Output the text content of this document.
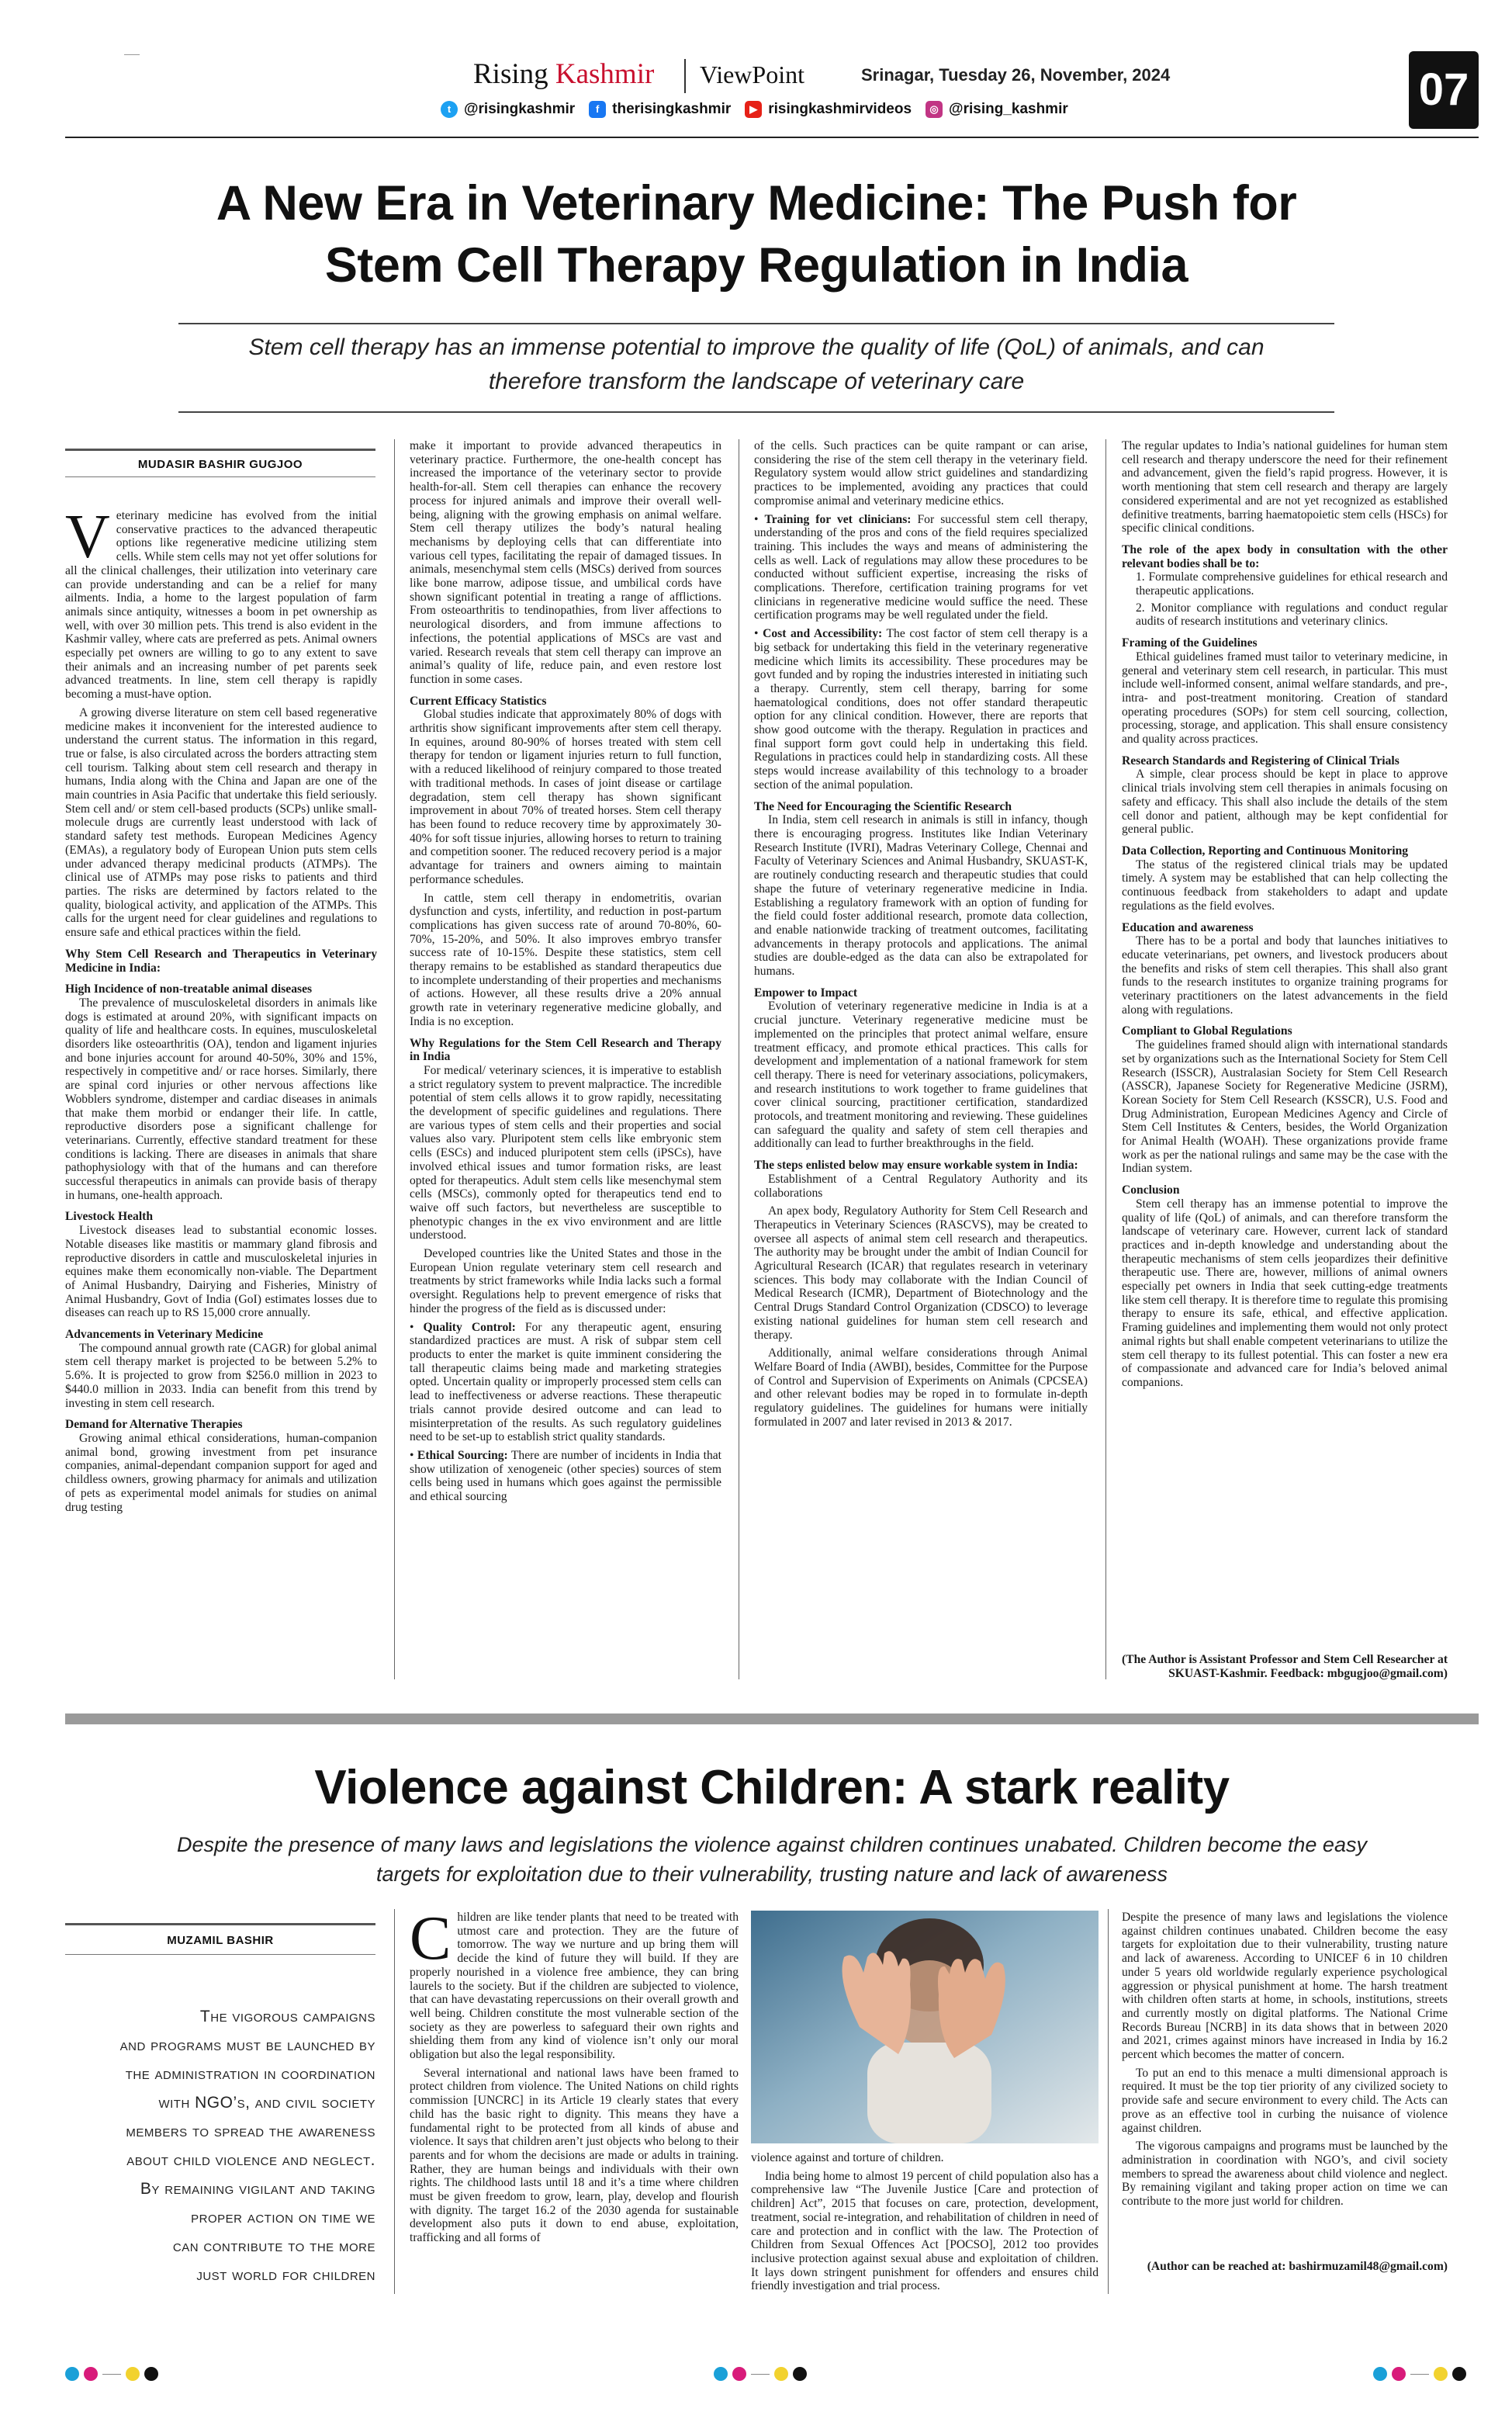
Rising Kashmir ViewPoint	Srinagar, Tuesday 26, November, 2024	07
t @risingkashmir	f therisingkashmir	▶ risingkashmirvideos	◎ @rising_kashmir
A New Era in Veterinary Medicine: The Push for
Stem Cell Therapy Regulation in India
Stem cell therapy has an immense potential to improve the quality of life (QoL) of animals, and can
therefore transform the landscape of veterinary care
MUDASIR BASHIR GUGJOO

Veterinary medicine has evolved from the initial conservative practices to the advanced therapeutic options like regenerative medicine utilizing stem cells. While stem cells may not yet offer solutions for all the clinical challenges, their utilization into veterinary care can provide understanding and can be a relief for many ailments. India, a home to the largest population of farm animals since antiquity, witnesses a boom in pet ownership as well, with over 30 million pets. This trend is also evident in the Kashmir valley, where cats are preferred as pets. Animal owners especially pet owners are willing to go to any extent to save their animals and an increasing number of pet parents seek advanced treatments. In line, stem cell therapy is rapidly becoming a must-have option.

A growing diverse literature on stem cell based regenerative medicine makes it inconvenient for the interested audience to understand the current status. The information in this regard, true or false, is also circulated across the borders attracting stem cell tourism. Talking about stem cell research and therapy in humans, India along with the China and Japan are one of the main countries in Asia Pacific that undertake this field seriously. Stem cell and/ or stem cell-based products (SCPs) unlike small-molecule drugs are currently least understood with lack of standard safety test methods. European Medicines Agency (EMAs), a regulatory body of European Union puts stem cells under advanced therapy medicinal products (ATMPs). The clinical use of ATMPs may pose risks to patients and third parties. The risks are determined by factors related to the quality, biological activity, and application of the ATMPs. This calls for the urgent need for clear guidelines and regulations to ensure safe and ethical practices within the field.

Why Stem Cell Research and Therapeutics in Veterinary Medicine in India:
High Incidence of non-treatable animal diseases

The prevalence of musculoskeletal disorders in animals like dogs is estimated at around 20%, with significant impacts on quality of life and healthcare costs. In equines, musculoskeletal disorders like osteoarthritis (OA), tendon and ligament injuries and bone injuries account for around 40-50%, 30% and 15%, respectively in competitive and/ or race horses. Similarly, there are spinal cord injuries or other nervous affections like Wobblers syndrome, distemper and cardiac diseases in animals that make them morbid or endanger their life. In cattle, reproductive disorders pose a significant challenge for veterinarians. Currently, effective standard treatment for these conditions is lacking. There are diseases in animals that share pathophysiology with that of the humans and can therefore successful therapeutics in animals can provide basis of therapy in humans, one-health approach.

Livestock Health

Livestock diseases lead to substantial economic losses. Notable diseases like mastitis or mammary gland fibrosis and reproductive disorders in cattle and musculoskeletal injuries in equines make them economically non-viable. The Department of Animal Husbandry, Dairying and Fisheries, Ministry of Animal Husbandry, Govt of India (GoI) estimates losses due to diseases can reach up to RS 15,000 crore annually.

Advancements in Veterinary Medicine

The compound annual growth rate (CAGR) for global animal stem cell therapy market is projected to be between 5.2% to 5.6%. It is projected to grow from $256.0 million in 2023 to $440.0 million in 2033. India can benefit from this trend by investing in stem cell research.

Demand for Alternative Therapies

Growing animal ethical considerations, human-companion animal bond, growing investment from pet insurance companies, animal-dependant companion support for aged and childless owners, growing pharmacy for animals and utilization of pets as experimental model animals for studies on animal drug testing

make it important to provide advanced therapeutics in veterinary practice. Furthermore, the one-health concept has increased the importance of the veterinary sector to provide health-for-all. Stem cell therapies can enhance the recovery process for injured animals and improve their overall well-being, aligning with the growing emphasis on animal welfare. Stem cell therapy utilizes the body’s natural healing mechanisms by deploying cells that can differentiate into various cell types, facilitating the repair of damaged tissues. In animals, mesenchymal stem cells (MSCs) derived from sources like bone marrow, adipose tissue, and umbilical cords have shown significant potential in treating a range of afflictions. From osteoarthritis to tendinopathies, from liver affections to neurological disorders, and from immune affections to infections, the potential applications of MSCs are vast and varied. Research reveals that stem cell therapy can improve an animal’s quality of life, reduce pain, and even restore lost function in some cases.

Current Efficacy Statistics

Global studies indicate that approximately 80% of dogs with arthritis show significant improvements after stem cell therapy. In equines, around 80-90% of horses treated with stem cell therapy for tendon or ligament injuries return to full function, with a reduced likelihood of reinjury compared to those treated with traditional methods. In cases of joint disease or cartilage degradation, stem cell therapy has shown significant improvement in about 70% of treated horses. Stem cell therapy has been found to reduce recovery time by approximately 30-40% for soft tissue injuries, allowing horses to return to training and competition sooner. The reduced recovery period is a major advantage for trainers and owners aiming to maintain performance schedules.

In cattle, stem cell therapy in endometritis, ovarian dysfunction and cysts, infertility, and reduction in post-partum complications has given success rate of around 70-80%, 60-70%, 15-20%, and 50%. It also improves embryo transfer success rate of 10-15%. Despite these statistics, stem cell therapy remains to be established as standard therapeutics due to incomplete understanding of their properties and mechanisms of actions. However, all these results drive a 20% annual growth rate in veterinary regenerative medicine globally, and India is no exception.

Why Regulations for the Stem Cell Research and Therapy in India

For medical/ veterinary sciences, it is imperative to establish a strict regulatory system to prevent malpractice. The incredible potential of stem cells allows it to grow rapidly, necessitating the development of specific guidelines and regulations. There are various types of stem cells and their properties and social values also vary. Pluripotent stem cells like embryonic stem cells (ESCs) and induced pluripotent stem cells (iPSCs), have involved ethical issues and tumor formation risks, are least opted for therapeutics. Adult stem cells like mesenchymal stem cells (MSCs), commonly opted for therapeutics tend end to waive off such factors, but nevertheless are susceptible to phenotypic changes in the ex vivo environment and are little understood.

Developed countries like the United States and those in the European Union regulate veterinary stem cell research and treatments by strict frameworks while India lacks such a formal oversight. Regulations help to prevent emergence of risks that hinder the progress of the field as is discussed under:

• Quality Control: For any therapeutic agent, ensuring standardized practices are must. A risk of subpar stem cell products to enter the market is quite imminent considering the tall therapeutic claims being made and marketing strategies opted. Uncertain quality or improperly processed stem cells can lead to ineffectiveness or adverse reactions. These therapeutic trials cannot provide desired outcome and can lead to misinterpretation of the results. As such regulatory guidelines need to be set-up to establish strict quality standards.

• Ethical Sourcing: There are number of incidents in India that show utilization of xenogeneic (other species) sources of stem cells being used in humans which goes against the permissible and ethical sourcing

of the cells. Such practices can be quite rampant or can arise, considering the rise of the stem cell therapy in the veterinary field. Regulatory system would allow strict guidelines and standardizing practices to be implemented, avoiding any practices that could compromise animal and veterinary medicine ethics.

• Training for vet clinicians: For successful stem cell therapy, understanding of the pros and cons of the field requires specialized training. This includes the ways and means of administering the cells as well. Lack of regulations may allow these procedures to be conducted without sufficient expertise, increasing the risks of complications. Therefore, certification training programs for vet clinicians in regenerative medicine would suffice the need. These certification programs may be well regulated under the field.

• Cost and Accessibility: The cost factor of stem cell therapy is a big setback for undertaking this field in the veterinary regenerative medicine which limits its accessibility. These procedures may be govt funded and by roping the industries interested in initiating such a therapy. Currently, stem cell therapy, barring for some haematological conditions, does not offer standard therapeutic option for any clinical condition. However, there are reports that show good outcome with the therapy. Regulation in practices and final support form govt could help in undertaking this field. Regulations in practices could help in standardizing costs. All these steps would increase availability of this technology to a broader section of the animal population.

The Need for Encouraging the Scientific Research

In India, stem cell research in animals is still in infancy, though there is encouraging progress. Institutes like Indian Veterinary Research Institute (IVRI), Madras Veterinary College, Chennai and Faculty of Veterinary Sciences and Animal Husbandry, SKUAST-K, are routinely conducting research and therapeutic studies that could shape the future of veterinary regenerative medicine in India. Establishing a regulatory framework with an option of funding for the field could foster additional research, promote data collection, and enable nationwide tracking of treatment outcomes, facilitating advancements in therapy protocols and applications. The animal studies are double-edged as the data can also be extrapolated for humans.

Empower to Impact

Evolution of veterinary regenerative medicine in India is at a crucial juncture. Veterinary regenerative medicine must be implemented on the principles that protect animal welfare, ensure treatment efficacy, and promote ethical practices. This calls for development and implementation of a national framework for stem cell therapy. There is need for veterinary associations, policymakers, and research institutions to work together to frame guidelines that cover clinical sourcing, practitioner certification, standardized protocols, and treatment monitoring and reviewing. These guidelines can safeguard the quality and safety of stem cell therapies and additionally can lead to further breakthroughs in the field.

The steps enlisted below may ensure workable system in India:

Establishment of a Central Regulatory Authority and its collaborations

An apex body, Regulatory Authority for Stem Cell Research and Therapeutics in Veterinary Sciences (RASCVS), may be created to oversee all aspects of animal stem cell research and therapeutics. The authority may be brought under the ambit of Indian Council for Agricultural Research (ICAR) that regulates research in veterinary sciences. This body may collaborate with the Indian Council of Medical Research (ICMR), Department of Biotechnology and the Central Drugs Standard Control Organization (CDSCO) to leverage existing national guidelines for human stem cell research and therapy.

Additionally, animal welfare considerations through Animal Welfare Board of India (AWBI), besides, Committee for the Purpose of Control and Supervision of Experiments on Animals (CPCSEA) and other relevant bodies may be roped in to formulate in-depth regulatory guidelines. The guidelines for humans were initially formulated in 2007 and later revised in 2013 & 2017.

The regular updates to India’s national guidelines for human stem cell research and therapy underscore the need for their refinement and advancement, given the field’s rapid progress. However, it is worth mentioning that stem cell research and therapy are largely considered experimental and are not yet recognized as established definitive treatments, barring haematopoietic stem cells (HSCs) for specific clinical conditions.

The role of the apex body in consultation with the other relevant bodies shall be to:

1. Formulate comprehensive guidelines for ethical research and therapeutic applications.

2. Monitor compliance with regulations and conduct regular audits of research institutions and veterinary clinics.

Framing of the Guidelines

Ethical guidelines framed must tailor to veterinary medicine, in general and veterinary stem cell research, in particular. This must include well-informed consent, animal welfare standards, and pre-, intra- and post-treatment monitoring. Creation of standard operating procedures (SOPs) for stem cell sourcing, collection, processing, storage, and application. This shall ensure consistency and quality across practices.

Research Standards and Registering of Clinical Trials

A simple, clear process should be kept in place to approve clinical trials involving stem cell therapies in animals focusing on safety and efficacy. This shall also include the details of the stem cell donor and patient, although may be kept confidential for general public.

Data Collection, Reporting and Continuous Monitoring

The status of the registered clinical trials may be updated timely. A system may be established that can help collecting the continuous feedback from stakeholders to adapt and update regulations as the field evolves.

Education and awareness

There has to be a portal and body that launches initiatives to educate veterinarians, pet owners, and livestock producers about the benefits and risks of stem cell therapies. This shall also grant funds to the research institutes to organize training programs for veterinary practitioners on the latest advancements in the field along with regulations.

Compliant to Global Regulations

The guidelines framed should align with international standards set by organizations such as the International Society for Stem Cell Research (ISSCR), Australasian Society for Stem Cell Research (ASSCR), Japanese Society for Regenerative Medicine (JSRM), Korean Society for Stem Cell Research (KSSCR), U.S. Food and Drug Administration, European Medicines Agency and Circle of Stem Cell Institutes & Centers, besides, the World Organization for Animal Health (WOAH). These organizations provide frame work as per the national rulings and same may be the case with the Indian system.

Conclusion

Stem cell therapy has an immense potential to improve the quality of life (QoL) of animals, and can therefore transform the landscape of veterinary care. However, current lack of standard practices and in-depth knowledge and understanding about the therapeutic mechanisms of stem cells jeopardizes their definitive therapeutic use. There are, however, millions of animal owners especially pet owners in India that seek cutting-edge treatments like stem cell therapy. It is therefore time to regulate this promising therapy to ensure its safe, ethical, and effective application. Framing guidelines and implementing them would not only protect animal rights but shall enable competent veterinarians to utilize the stem cell therapy to its fullest potential. This can foster a new era of compassionate and advanced care for India’s beloved animal companions.

(The Author is Assistant Professor and Stem Cell Researcher at SKUAST-Kashmir. Feedback: mbgugjoo@gmail.com)
Violence against Children: A stark reality
Despite the presence of many laws and legislations the violence against children continues unabated. Children become the easy
targets for exploitation due to their vulnerability, trusting nature and lack of awareness
MUZAMIL BASHIR
The vigorous campaigns
and programs must be launched by
the administration in coordination
with NGO’s, and civil society
members to spread the awareness
about child violence and neglect.
By remaining vigilant and taking
proper action on time we
can contribute to the more
just world for children

Children are like tender plants that need to be treated with utmost care and protection. They are the future of tomorrow. The way we nurture and up bring them will decide the kind of future they will build. If they are properly nourished in a violence free ambience, they can bring laurels to the society. But if the children are subjected to violence, that can have devastating repercussions on their overall growth and well being. Children constitute the most vulnerable section of the society as they are powerless to safeguard their own rights and shielding them from any kind of violence isn’t only our moral obligation but also the legal responsibility.

Several international and national laws have been framed to protect children from violence. The United Nations on child rights commission [UNCRC] in its Article 19 clearly states that every child has the basic right to dignity. This means they have a fundamental right to be protected from all kinds of abuse and violence. It says that children aren’t just objects who belong to their parents and for whom the decisions are made or adults in training. Rather, they are human beings and individuals with their own rights. The childhood lasts until 18 and it’s a time where children must be given freedom to grow, learn, play, develop and flourish with dignity. The target 16.2 of the 2030 agenda for sustainable development also puts it down to end abuse, exploitation, trafficking and all forms of

violence against and torture of children.

India being home to almost 19 percent of child population also has a comprehensive law “The Juvenile Justice [Care and protection of children] Act”, 2015 that focuses on care, protection, development, treatment, social re-integration, and rehabilitation of children in need of care and protection and in conflict with the law. The Protection of Children from Sexual Offences Act [POCSO], 2012 too provides inclusive protection against sexual abuse and exploitation of children. It lays down stringent punishment for offenders and ensures child friendly investigation and trial process.

Despite the presence of many laws and legislations the violence against children continues unabated. Children become the easy targets for exploitation due to their vulnerability, trusting nature and lack of awareness. According to UNICEF 6 in 10 children under 5 years old worldwide regularly experience psychological aggression or physical punishment at home. The harsh treatment with children often starts at home, in schools, institutions, streets and currently mostly on digital platforms. The National Crime Records Bureau [NCRB] in its data shows that in between 2020 and 2021, crimes against minors have increased in India by 16.2 percent which becomes the matter of concern.

To put an end to this menace a multi dimensional approach is required. It must be the top tier priority of any civilized society to provide safe and secure environment to every child. The Acts can prove as an effective tool in curbing the nuisance of violence against children.

The vigorous campaigns and programs must be launched by the administration in coordination with NGO’s, and civil society members to spread the awareness about child violence and neglect. By remaining vigilant and taking proper action on time we can contribute to the more just world for children.

(Author can be reached at: bashirmuzamil48@gmail.com)
